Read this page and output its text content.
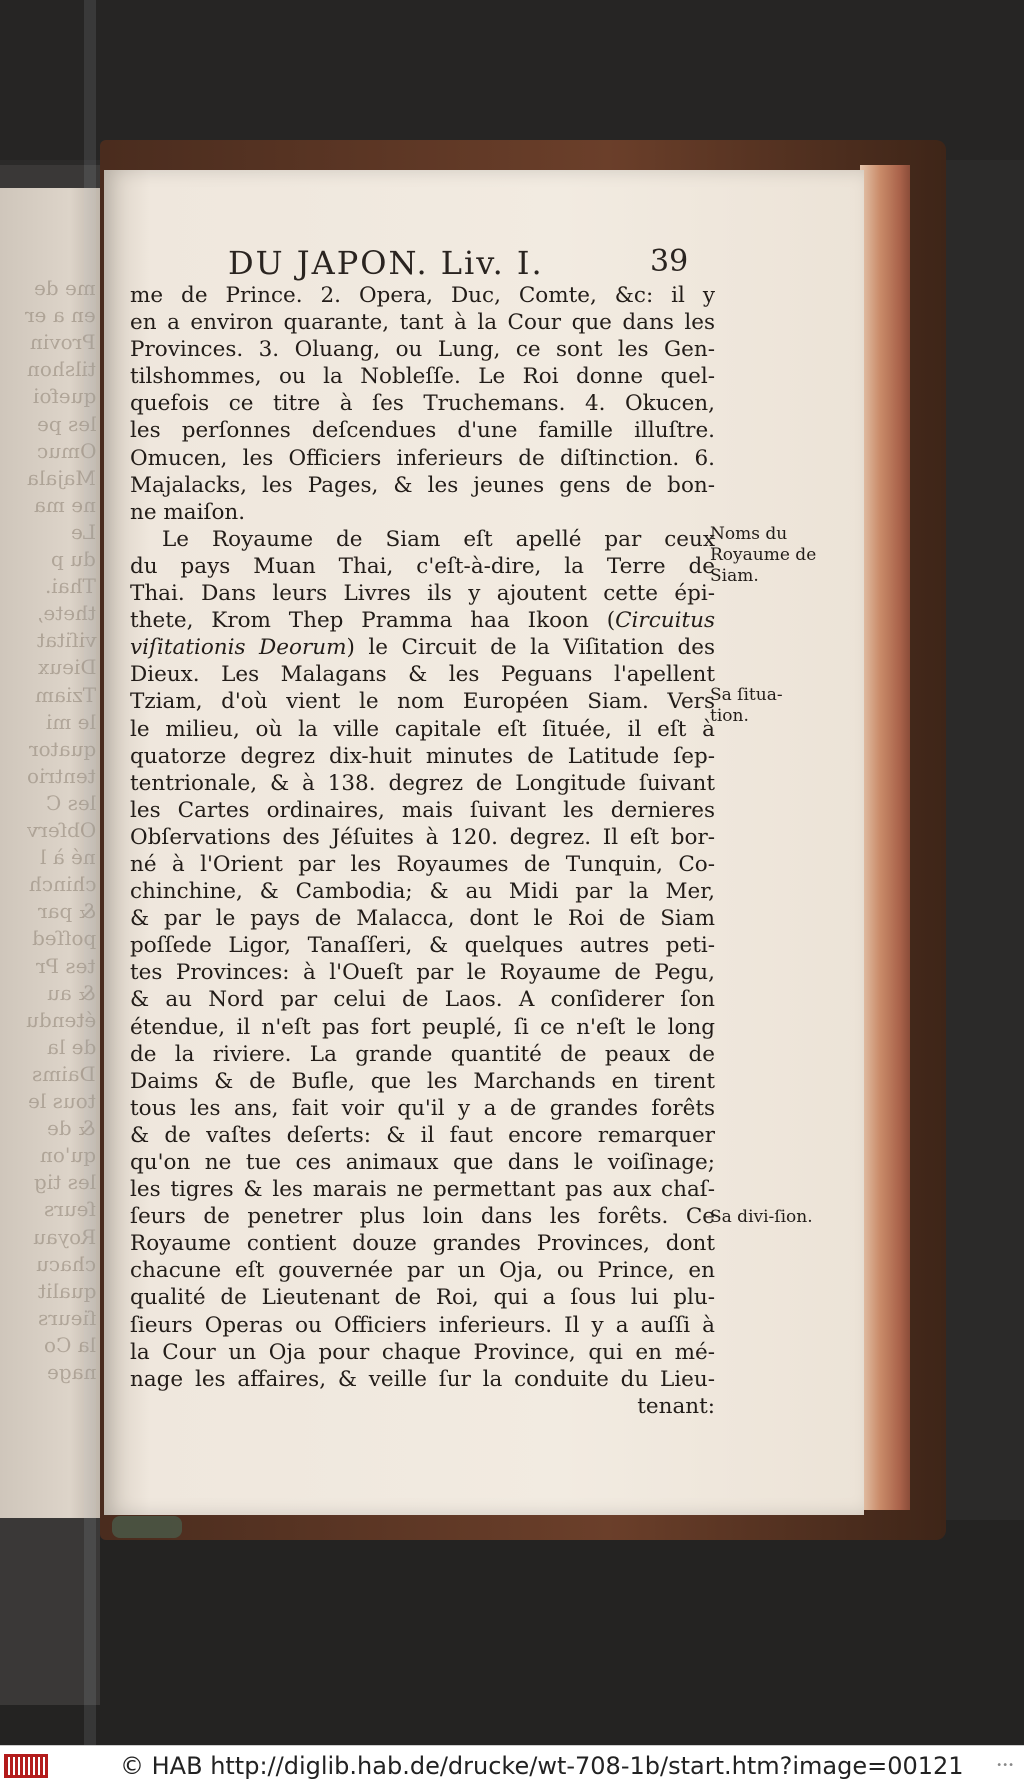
me de
en a er
Provin
tilshon
quefoi
les pe
Omuc
Majala
ne ma
Le
du p
Thai.
thete,
viſitat
Dieux
Tziam
le mi
quator
tentrio
les C
Obſerv
né à l
chinch
& par
poſſed
tes Pr
& au
étendu
de la
Daims
tous le
& de
qu'on
les tig
ſeurs
Royau
chacu
qualit
ſieurs
la Co
nage
DU JAPON. Liv. I.	39
me de Prince. 2. Opera, Duc, Comte, &c: il y
en a environ quarante, tant à la Cour que dans les
Provinces. 3. Oluang, ou Lung, ce sont les Gen-
tilshommes, ou la Nobleſſe. Le Roi donne quel-
quefois ce titre à ſes Truchemans. 4. Okucen,
les perſonnes deſcendues d'une famille illuſtre.
Omucen, les Officiers inferieurs de diſtinction. 6.
Majalacks, les Pages, & les jeunes gens de bon-
ne maiſon.
Le Royaume de Siam eſt apellé par ceux
du pays Muan Thai, c'eſt-à-dire, la Terre de
Thai. Dans leurs Livres ils y ajoutent cette épi-
thete, Krom Thep Pramma haa Ikoon (Circuitus
viſitationis Deorum) le Circuit de la Viſitation des
Dieux. Les Malagans & les Peguans l'apellent
Tziam, d'où vient le nom Européen Siam. Vers
le milieu, où la ville capitale eſt ſituée, il eſt à
quatorze degrez dix-huit minutes de Latitude ſep-
tentrionale, & à 138. degrez de Longitude ſuivant
les Cartes ordinaires, mais ſuivant les dernieres
Obſervations des Jéſuites à 120. degrez. Il eſt bor-
né à l'Orient par les Royaumes de Tunquin, Co-
chinchine, & Cambodia; & au Midi par la Mer,
& par le pays de Malacca, dont le Roi de Siam
poſſede Ligor, Tanaſſeri, & quelques autres peti-
tes Provinces: à l'Oueſt par le Royaume de Pegu,
& au Nord par celui de Laos. A conſiderer ſon
étendue, il n'eſt pas fort peuplé, ſi ce n'eſt le long
de la riviere. La grande quantité de peaux de
Daims & de Bufle, que les Marchands en tirent
tous les ans, fait voir qu'il y a de grandes forêts
& de vaſtes deſerts: & il faut encore remarquer
qu'on ne tue ces animaux que dans le voiſinage;
les tigres & les marais ne permettant pas aux chaſ-
ſeurs de penetrer plus loin dans les forêts. Ce
Royaume contient douze grandes Provinces, dont
chacune eſt gouvernée par un Oja, ou Prince, en
qualité de Lieutenant de Roi, qui a ſous lui plu-
ſieurs Operas ou Officiers inferieurs. Il y a auſſi à
la Cour un Oja pour chaque Province, qui en mé-
nage les affaires, & veille ſur la conduite du Lieu-
tenant:
Noms du Royaume de Siam.
Sa ſitua-tion.
Sa divi-ſion.
© HAB http://diglib.hab.de/drucke/wt-708-1b/start.htm?image=00121	•••
